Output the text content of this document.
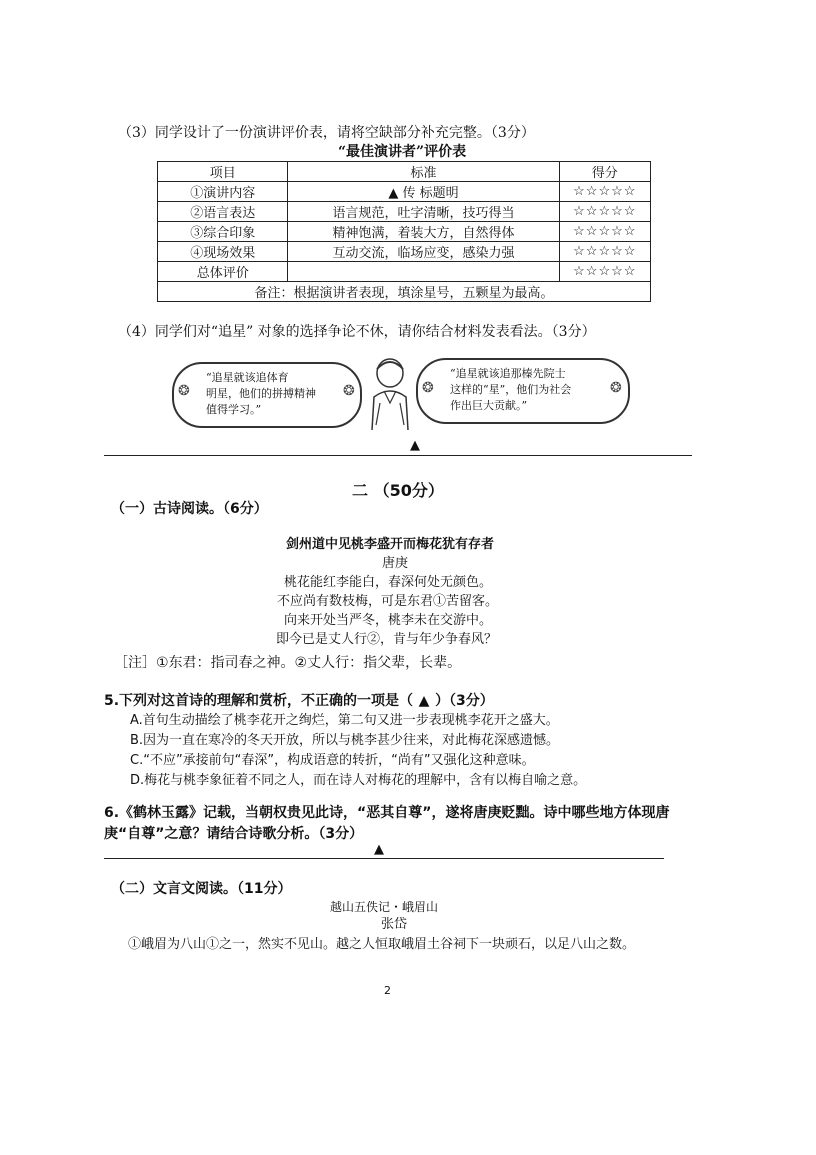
（3）同学设计了一份演讲评价表，请将空缺部分补充完整。（3分）
“最佳演讲者”评价表
项目	标准	得分
①演讲内容	▲ 传 标题明	☆☆☆☆☆
②语言表达	语言规范，吐字清晰，技巧得当	☆☆☆☆☆
③综合印象	精神饱满，着装大方，自然得体	☆☆☆☆☆
④现场效果	互动交流，临场应变，感染力强	☆☆☆☆☆
总体评价		☆☆☆☆☆
备注：根据演讲者表现，填涂星号，五颗星为最高。		
（4）同学们对“追星” 对象的选择争论不休，请你结合材料发表看法。（3分）
“追星就该追体育
明星，他们的拼搏精神
值得学习。”
❂	❂
“追星就该追那榛先院士
这样的“星”，他们为社会
作出巨大贡献。”
❂	❂
▲
二 （50分）
（一）古诗阅读。（6分）
剑州道中见桃李盛开而梅花犹有存者
唐庚
桃花能红李能白，春深何处无颜色。
不应尚有数枝梅，可是东君①苦留客。
向来开处当严冬，桃李未在交游中。
即今已是丈人行②，肯与年少争春风？
［注］①东君：指司春之神。②丈人行：指父辈，长辈。
5.下列对这首诗的理解和赏析，不正确的一项是（ ▲ ）（3分）
A.首句生动描绘了桃李花开之绚烂，第二句又进一步表现桃李花开之盛大。
B.因为一直在寒冷的冬天开放，所以与桃李甚少往来，对此梅花深感遗憾。
C.“不应”承接前句“春深”，构成语意的转折，“尚有”又强化这种意味。
D.梅花与桃李象征着不同之人，而在诗人对梅花的理解中，含有以梅自喻之意。
6.《鹤林玉露》记载，当朝权贵见此诗，“恶其自尊”，遂将唐庚贬黜。诗中哪些地方体现唐
庚“自尊”之意？请结合诗歌分析。（3分）
▲
（二）文言文阅读。（11分）
越山五佚记・峨眉山
张岱
①峨眉为八山①之一，然实不见山。越之人恒取峨眉土谷祠下一块顽石，以足八山之数。
2
